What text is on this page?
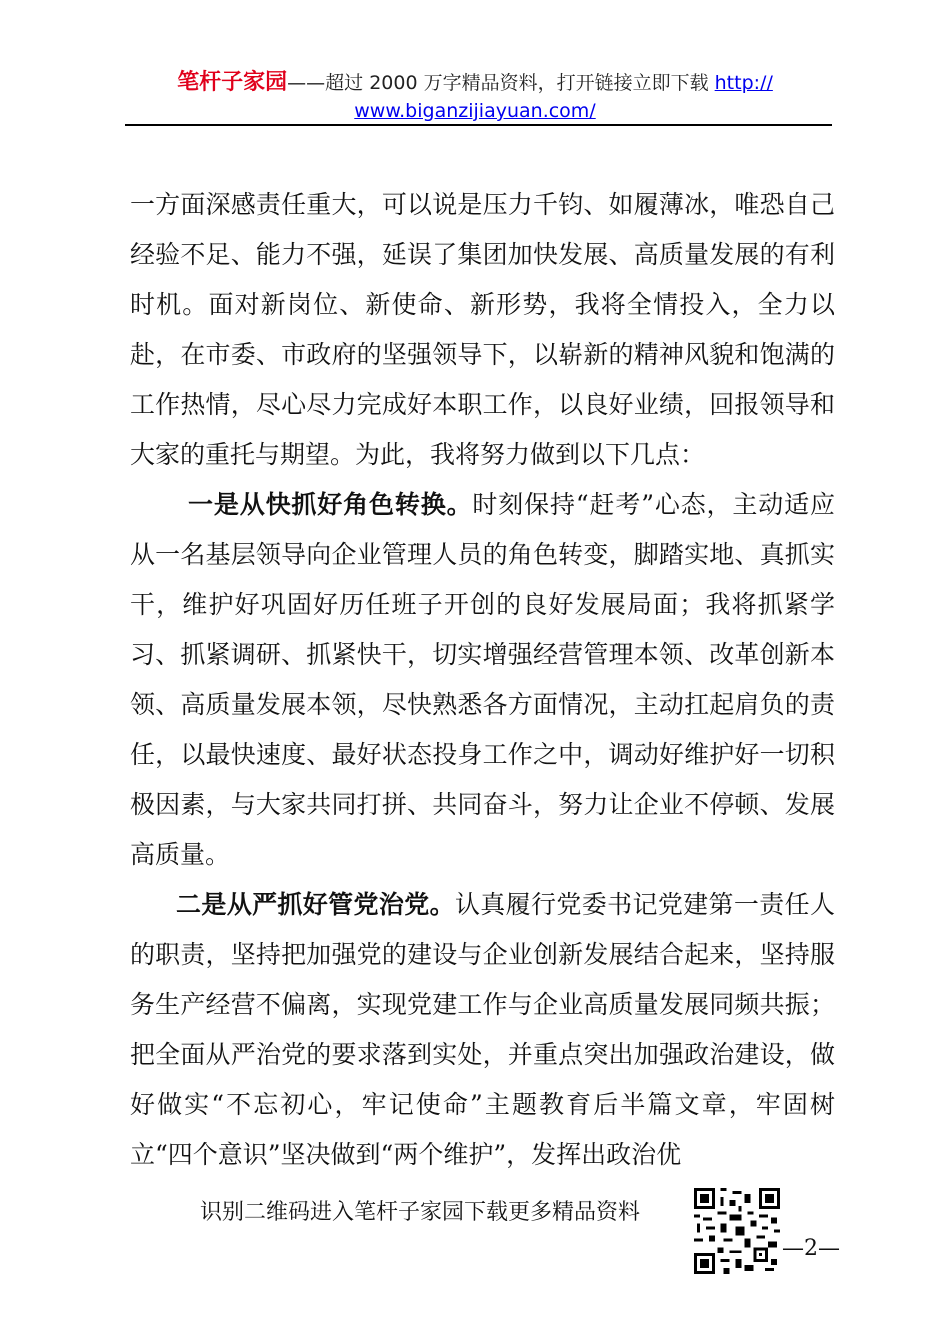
笔杆子家园——超过 2000 万字精品资料，打开链接立即下载 http://
www.biganzijiayuan.com/

一方面深感责任重大，可以说是压力千钧、如履薄冰，唯恐自己经验不足、能力不强，延误了集团加快发展、高质量发展的有利时机。面对新岗位、新使命、新形势，我将全情投入，全力以赴，在市委、市政府的坚强领导下，以崭新的精神风貌和饱满的工作热情，尽心尽力完成好本职工作，以良好业绩，回报领导和大家的重托与期望。为此，我将努力做到以下几点：

一是从快抓好角色转换。时刻保持“赶考”心态，主动适应从一名基层领导向企业管理人员的角色转变，脚踏实地、真抓实干，维护好巩固好历任班子开创的良好发展局面；我将抓紧学习、抓紧调研、抓紧快干，切实增强经营管理本领、改革创新本领、高质量发展本领，尽快熟悉各方面情况，主动扛起肩负的责任，以最快速度、最好状态投身工作之中，调动好维护好一切积极因素，与大家共同打拼、共同奋斗，努力让企业不停顿、发展高质量。

二是从严抓好管党治党。认真履行党委书记党建第一责任人的职责，坚持把加强党的建设与企业创新发展结合起来，坚持服务生产经营不偏离，实现党建工作与企业高质量发展同频共振；把全面从严治党的要求落到实处，并重点突出加强政治建设，做好做实“不忘初心，牢记使命”主题教育后半篇文章，牢固树立“四个意识”坚决做到“两个维护”，发挥出政治优

识别二维码进入笔杆子家园下载更多精品资料
—2—
